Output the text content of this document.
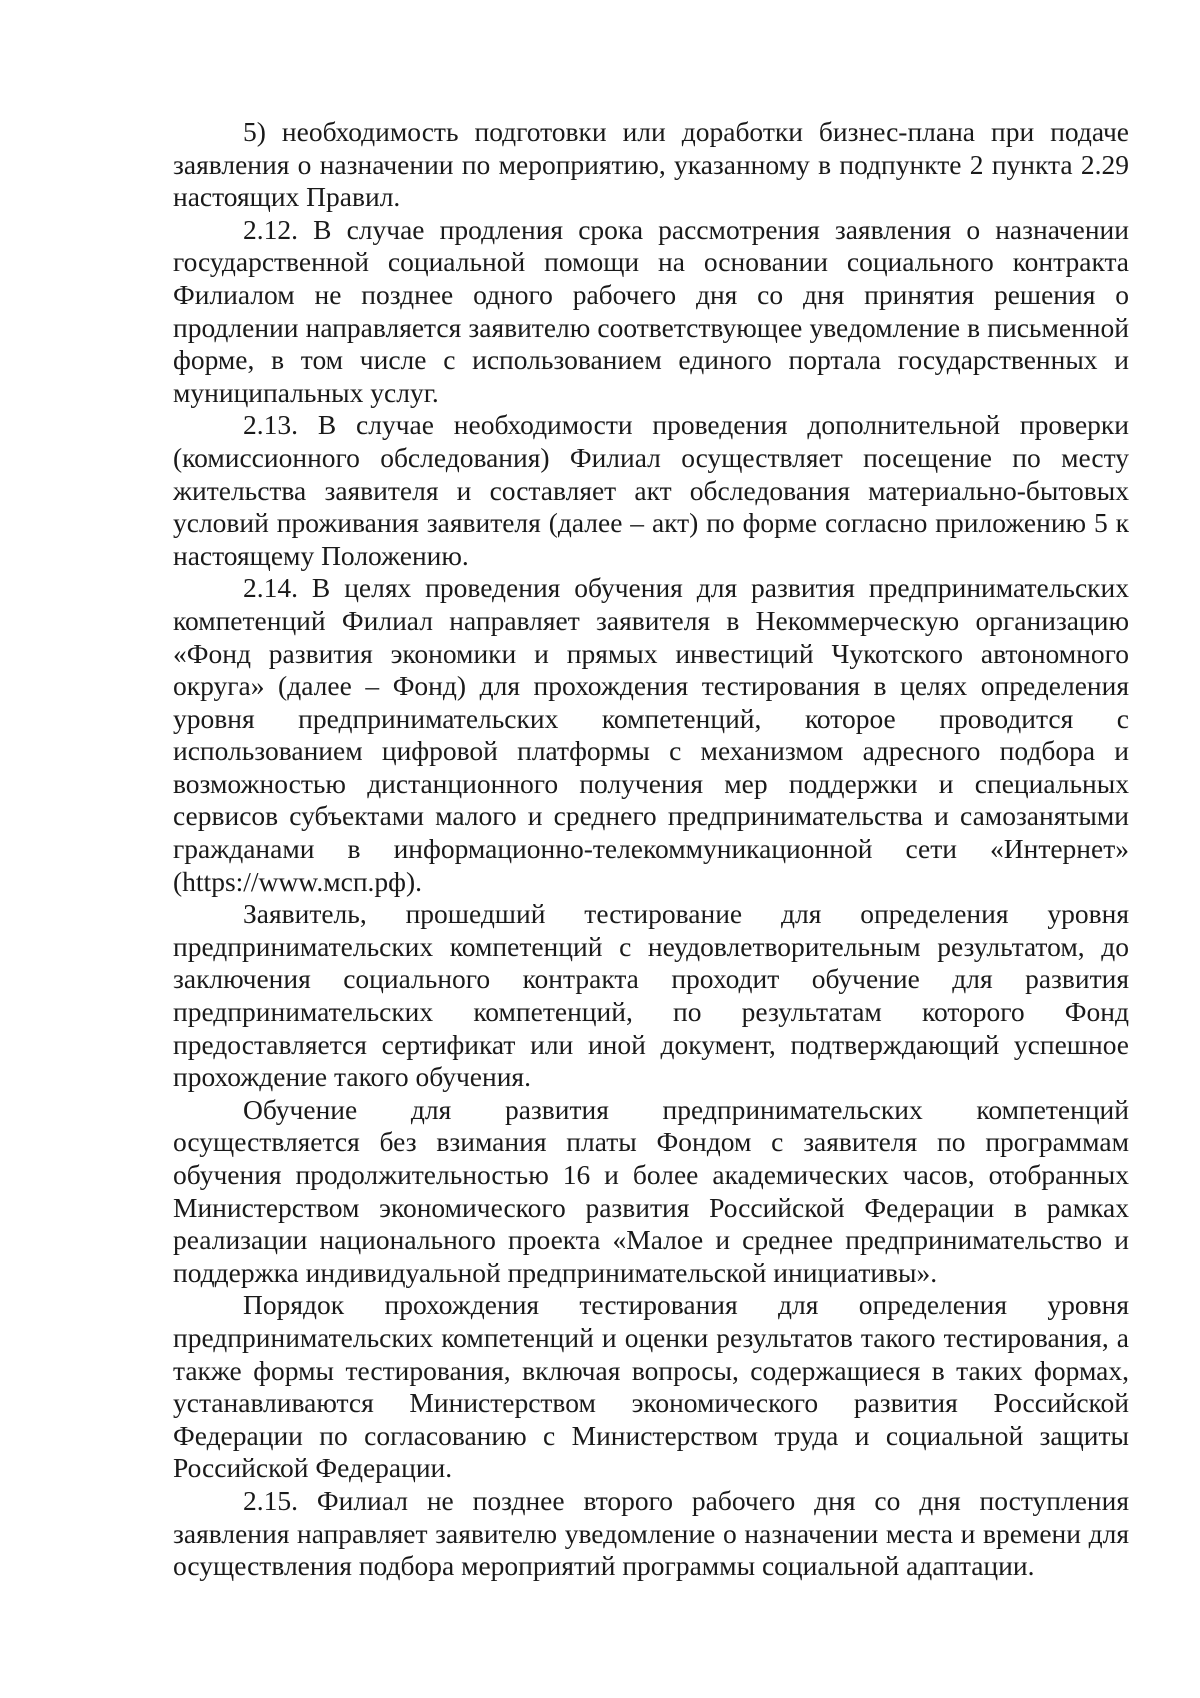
5) необходимость подготовки или доработки бизнес-плана при подаче заявления о назначении по мероприятию, указанному в подпункте 2 пункта 2.29 настоящих Правил.

2.12. В случае продления срока рассмотрения заявления о назначении государственной социальной помощи на основании социального контракта Филиалом не позднее одного рабочего дня со дня принятия решения о продлении направляется заявителю соответствующее уведомление в письменной форме, в том числе с использованием единого портала государственных и муниципальных услуг.

2.13. В случае необходимости проведения дополнительной проверки (комиссионного обследования) Филиал осуществляет посещение по месту жительства заявителя и составляет акт обследования материально-бытовых условий проживания заявителя (далее – акт) по форме согласно приложению 5 к настоящему Положению.

2.14. В целях проведения обучения для развития предпринимательских компетенций Филиал направляет заявителя в Некоммерческую организацию «Фонд развития экономики и прямых инвестиций Чукотского автономного округа» (далее – Фонд) для прохождения тестирования в целях определения уровня предпринимательских компетенций, которое проводится с использованием цифровой платформы с механизмом адресного подбора и возможностью дистанционного получения мер поддержки и специальных сервисов субъектами малого и среднего предпринимательства и самозанятыми гражданами в информационно-телекоммуникационной сети «Интернет» (https://www.мсп.рф).

Заявитель, прошедший тестирование для определения уровня предпринимательских компетенций с неудовлетворительным результатом, до заключения социального контракта проходит обучение для развития предпринимательских компетенций, по результатам которого Фонд предоставляется сертификат или иной документ, подтверждающий успешное прохождение такого обучения.

Обучение для развития предпринимательских компетенций осуществляется без взимания платы Фондом с заявителя по программам обучения продолжительностью 16 и более академических часов, отобранных Министерством экономического развития Российской Федерации в рамках реализации национального проекта «Малое и среднее предпринимательство и поддержка индивидуальной предпринимательской инициативы».

Порядок прохождения тестирования для определения уровня предпринимательских компетенций и оценки результатов такого тестирования, а также формы тестирования, включая вопросы, содержащиеся в таких формах, устанавливаются Министерством экономического развития Российской Федерации по согласованию с Министерством труда и социальной защиты Российской Федерации.

2.15. Филиал не позднее второго рабочего дня со дня поступления заявления направляет заявителю уведомление о назначении места и времени для осуществления подбора мероприятий программы социальной адаптации.
